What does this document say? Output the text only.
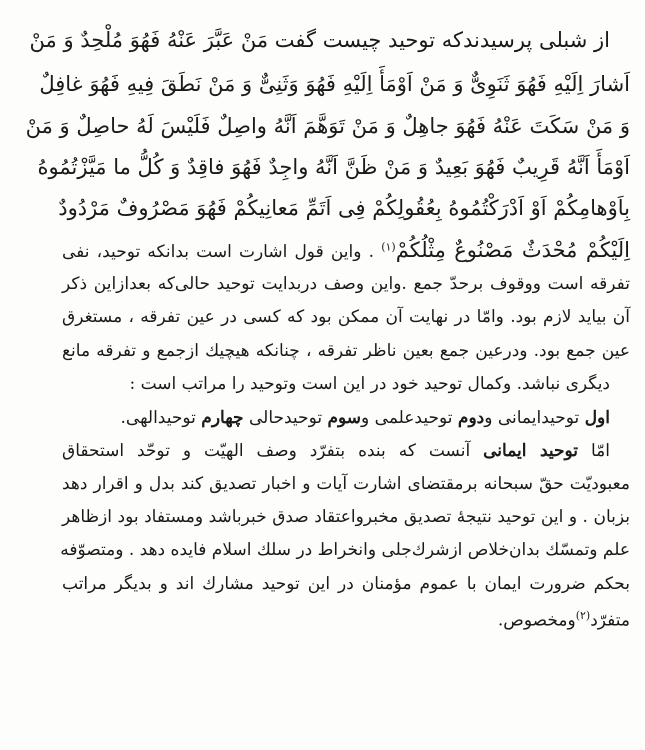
از شبلی پرسیدندکه توحید چیست گفت مَنْ عَبَّرَ عَنْهُ فَهُوَ مُلْحِدٌ وَ مَنْ
اَشارَ اِلَیْهِ فَهُوَ ثَنَوِیٌّ وَ مَنْ اَوْمَأَ اِلَیْهِ فَهُوَ وَثَنِیٌّ وَ مَنْ نَطَقَ فِیهِ فَهُوَ غافِلٌ
وَ مَنْ سَکَتَ عَنْهُ فَهُوَ جاهِلٌ وَ مَنْ تَوَهَّمَ اَنَّهُ واصِلٌ فَلَیْسَ لَهُ حاصِلٌ وَ مَنْ
اَوْمَأَ اَنَّهُ قَرِیبٌ فَهُوَ بَعِیدٌ وَ مَنْ ظَنَّ اَنَّهُ واجِدٌ فَهُوَ فاقِدٌ وَ کُلُّ ما مَیَّزْتُمُوهُ
بِاَوْهامِکُمْ اَوْ اَدْرَکْتُمُوهُ بِعُقُولِکُمْ فِی اَتَمِّ مَعانِیکُمْ فَهُوَ مَصْرُوفٌ مَرْدُودٌ
اِلَیْکُمْ مُحْدَثٌ مَصْنُوعٌ مِثْلُکُمْ$^{(١)}$ . واین قول اشارت است بدانکه توحید، نفی
تفرقه است ووقوف برحدّ جمع .واین وصف دربدایت توحید حالی‌که بعدازاین ذکر
آن بیاید لازم بود. وامّا در نهایت آن ممکن بود که کسی در عین تفرقه ، مستغرق
عین جمع بود. ودرعین جمع بعین ناظر تفرقه ، چنانکه هیچیك ازجمع و تفرقه مانع
دیگری نباشد. وکمال توحید خود در این است وتوحید را مراتب است :
اول توحیدایمانی ودوم توحیدعلمی وسوم توحیدحالی چهارم توحیدالهی.
امّا توحید ایمانی آنست که بنده بتفرّد وصف الهیّت و توحّد استحقاق
معبودیّت حقّ سبحانه برمقتضای اشارت آیات و اخبار تصدیق کند بدل و اقرار دهد
بزبان . و این توحید نتیجهٔ تصدیق مخبرواعتقاد صدق خبرباشد ومستفاد بود ازظاهر
علم وتمسّك بدان‌خلاص ازشرك‌جلی وانخراط در سلك اسلام فایده دهد . ومتصوّفه
بحکم ضرورت ایمان با عموم مؤمنان در این توحید مشارك اند و بدیگر مراتب
متفرّد$^{(٢)}$ومخصوص.
